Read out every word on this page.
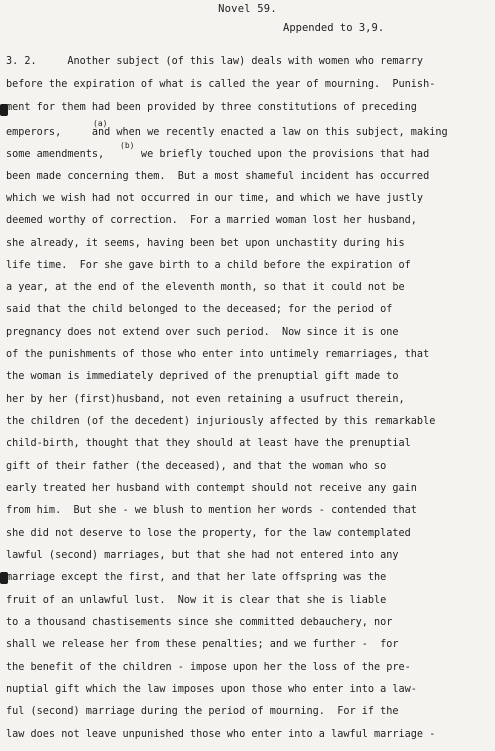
Novel 59.
Appended to 3,9.
(a)
(b)
3. 2.     Another subject (of this law) deals with women who remarry
before the expiration of what is called the year of mourning.  Punish-
ment for them had been provided by three constitutions of preceding
emperors,     and when we recently enacted a law on this subject, making
some amendments,      we briefly touched upon the provisions that had
been made concerning them.  But a most shameful incident has occurred
which we wish had not occurred in our time, and which we have justly
deemed worthy of correction.  For a married woman lost her husband,
she already, it seems, having been bet upon unchastity during his
life time.  For she gave birth to a child before the expiration of
a year, at the end of the eleventh month, so that it could not be
said that the child belonged to the deceased; for the period of
pregnancy does not extend over such period.  Now since it is one
of the punishments of those who enter into untimely remarriages, that
the woman is immediately deprived of the prenuptial gift made to
her by her (first)husband, not even retaining a usufruct therein,
the children (of the decedent) injuriously affected by this remarkable
child-birth, thought that they should at least have the prenuptial
gift of their father (the deceased), and that the woman who so
early treated her husband with contempt should not receive any gain
from him.  But she - we blush to mention her words - contended that
she did not deserve to lose the property, for the law contemplated
lawful (second) marriages, but that she had not entered into any
marriage except the first, and that her late offspring was the
fruit of an unlawful lust.  Now it is clear that she is liable
to a thousand chastisements since she committed debauchery, nor
shall we release her from these penalties; and we further -  for
the benefit of the children - impose upon her the loss of the pre-
nuptial gift which the law imposes upon those who enter into a law-
ful (second) marriage during the period of mourning.  For if the
law does not leave unpunished those who enter into a lawful marriage -
